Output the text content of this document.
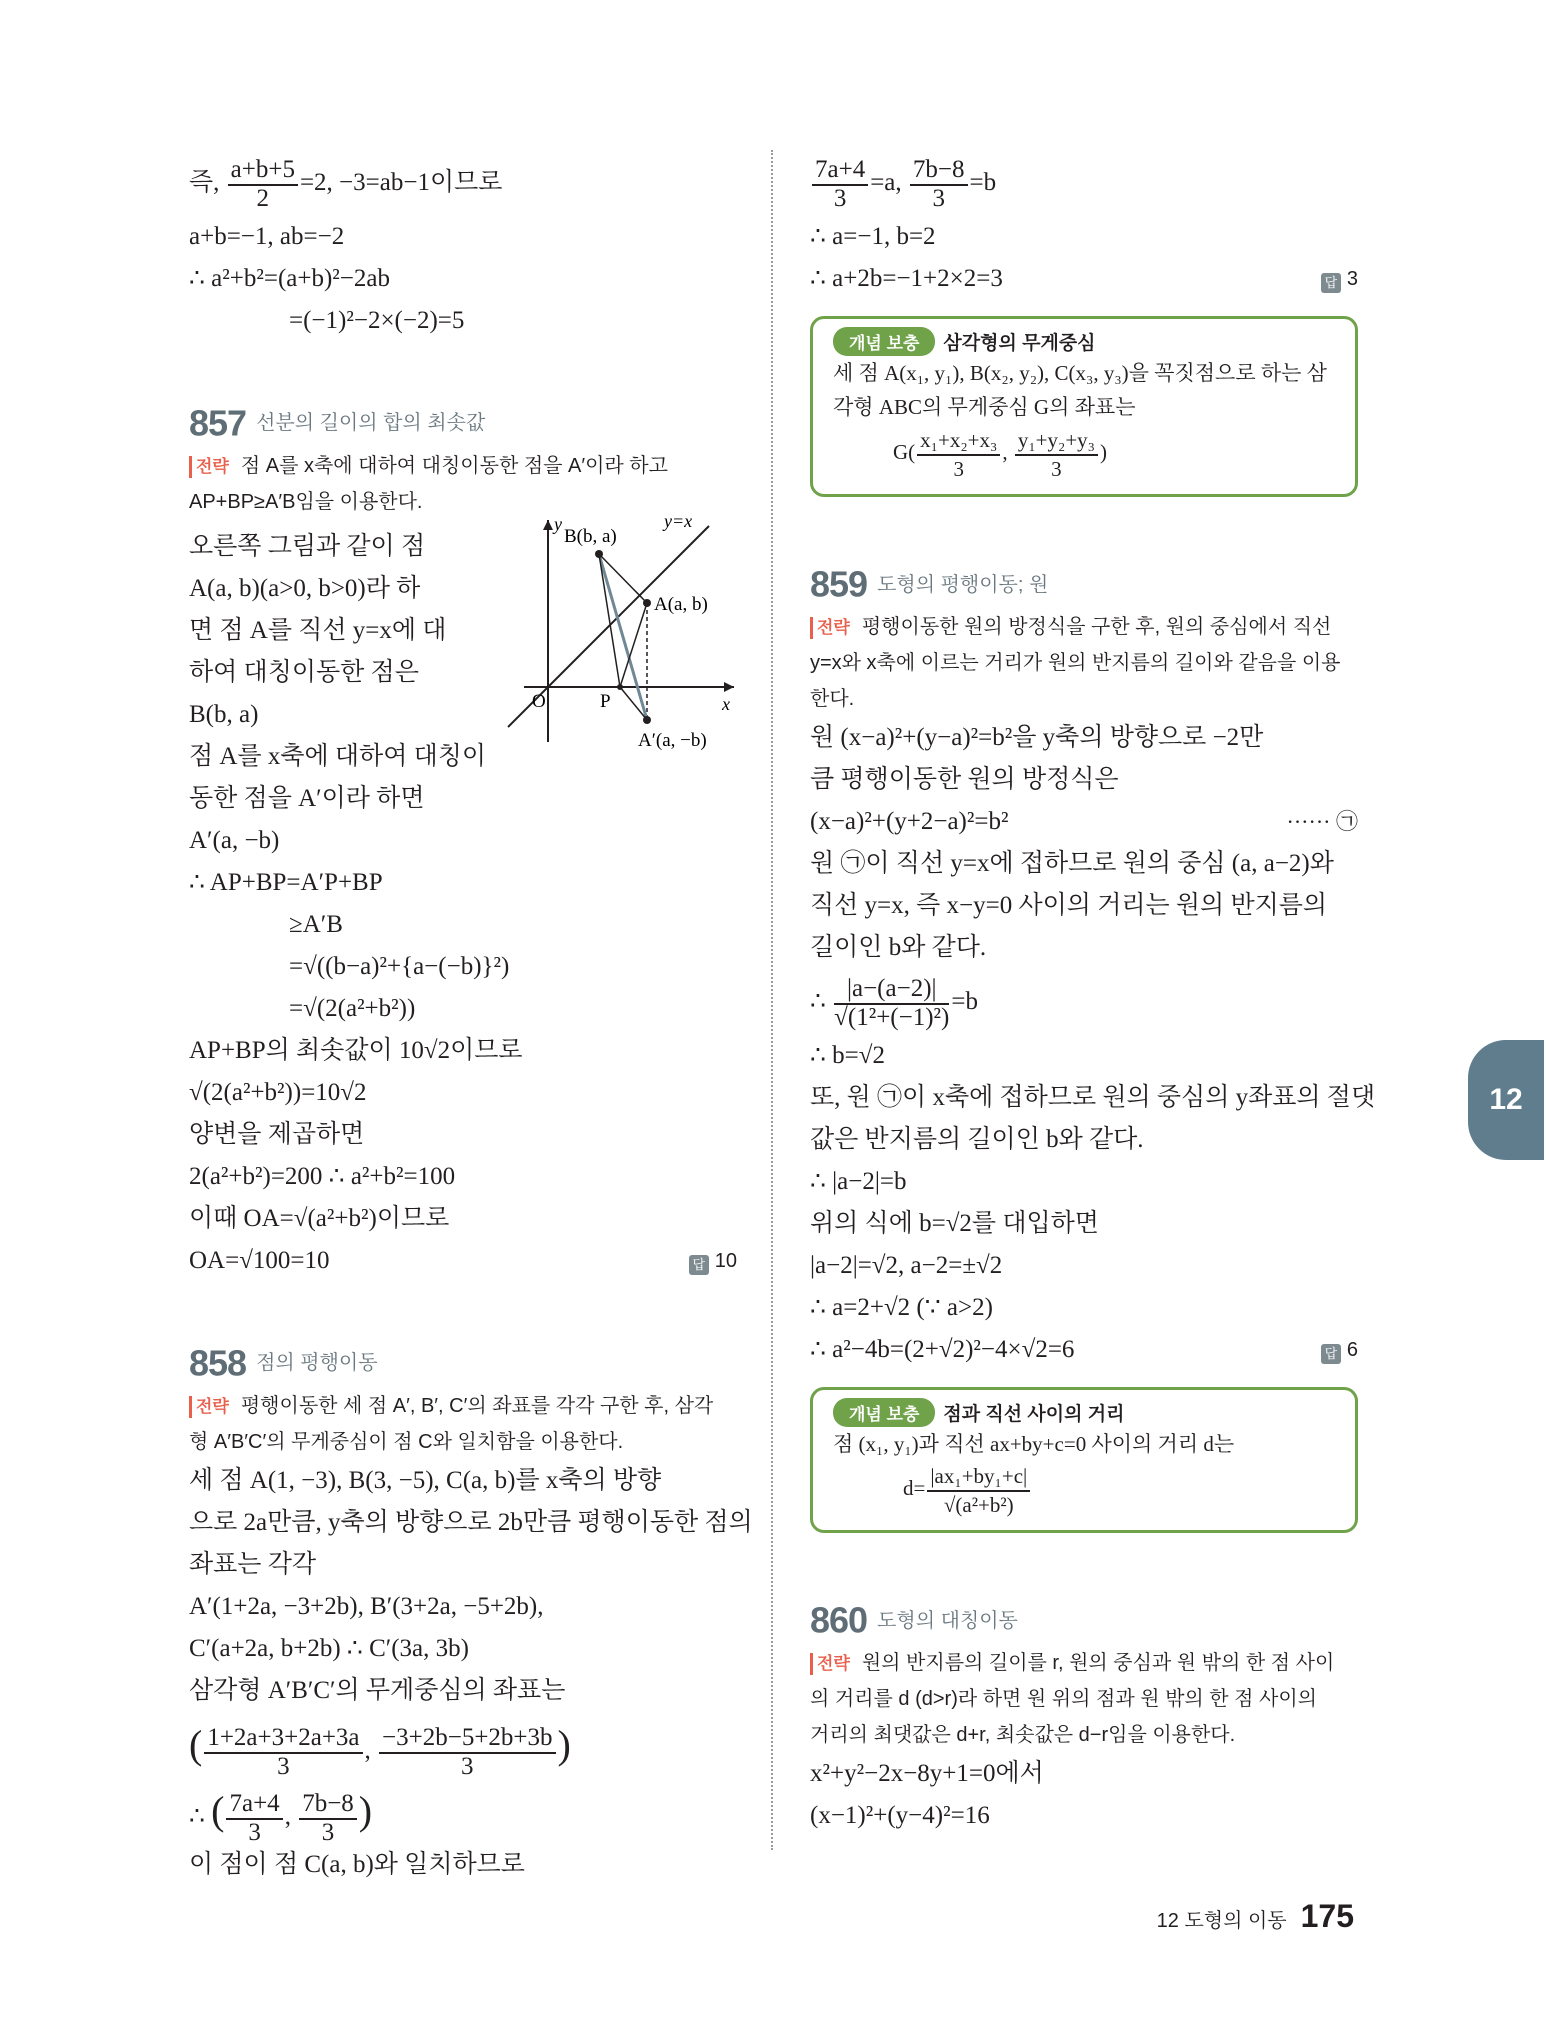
즉, $\frac{a+b+5}{2} =2$, −3=ab−1이므로
a+b=−1, ab=−2
∴ a²+b²=(a+b)²−2ab
=(−1)²−2×(−2)=5
857 선분의 길이의 합의 최솟값
전략 점 A를 x축에 대하여 대칭이동한 점을 A′이라 하고
AP+BP≥A′B임을 이용한다.
오른쪽 그림과 같이 점
A(a, b)(a>0, b>0)라 하
면 점 A를 직선 y=x에 대
하여 대칭이동한 점은
B(b, a)
점 A를 x축에 대하여 대칭이
동한 점을 A′이라 하면
A′(a, −b)
∴ AP+BP=A′P+BP
≥A′B
=√((b−a)²+{a−(−b)}²)
=√(2(a²+b²))
AP+BP의 최솟값이 10√2이므로
√(2(a²+b²))=10√2
양변을 제곱하면
2(a²+b²)=200 ∴ a²+b²=100
이때 OA=√(a²+b²)이므로
OA=√100=10	답 10
858 점의 평행이동
전략 평행이동한 세 점 A′, B′, C′의 좌표를 각각 구한 후, 삼각
형 A′B′C′의 무게중심이 점 C와 일치함을 이용한다.
세 점 A(1, −3), B(3, −5), C(a, b)를 x축의 방향
으로 2a만큼, y축의 방향으로 2b만큼 평행이동한 점의
좌표는 각각
A′(1+2a, −3+2b), B′(3+2a, −5+2b),
C′(a+2a, b+2b) ∴ C′(3a, 3b)
삼각형 A′B′C′의 무게중심의 좌표는
( $\frac{1+2a+3+2a+3a}{3}$ , $\frac{-3+2b-5+2b+3b}{3}$ )
∴ ( $\frac{7a+4}{3}$ , $\frac{7b-8}{3}$ )
이 점이 점 C(a, b)와 일치하므로
y
x
y=x
B(b, a)
A(a, b)
O	P
A′(a, −b)
$\frac{7a+4}{3} =a$, $\frac{7b-8}{3} =b$
∴ a=−1, b=2
∴ a+2b=−1+2×2=3	답 3
개념 보충 삼각형의 무게중심
세 점 A(x₁, y₁), B(x₂, y₂), C(x₃, y₃)을 꼭짓점으로 하는 삼
각형 ABC의 무게중심 G의 좌표는
$G( \frac{\text{x₁+x₂+x₃}}{3}$ , $\frac{\text{y₁+y₂+y₃}}{3}$ )
859 도형의 평행이동; 원
전략 평행이동한 원의 방정식을 구한 후, 원의 중심에서 직선
y=x와 x축에 이르는 거리가 원의 반지름의 길이와 같음을 이용
한다.
원 (x−a)²+(y−a)²=b²을 y축의 방향으로 −2만
큼 평행이동한 원의 방정식은
(x−a)²+(y+2−a)²=b²	······ ㉠
원 ㉠이 직선 y=x에 접하므로 원의 중심 (a, a−2)와
직선 y=x, 즉 x−y=0 사이의 거리는 원의 반지름의
길이인 b와 같다.
∴ $\frac{|a-(a-2)|}{\text{√(1²+(−1)²)}} =b$
∴ b=√2
또, 원 ㉠이 x축에 접하므로 원의 중심의 y좌표의 절댓
값은 반지름의 길이인 b와 같다.
∴ |a−2|=b
위의 식에 b=√2를 대입하면
|a−2|=√2, a−2=±√2
∴ a=2+√2 (∵ a>2)
∴ a²−4b=(2+√2)²−4×√2=6	답 6
개념 보충 점과 직선 사이의 거리
점 (x₁, y₁)과 직선 ax+by+c=0 사이의 거리 d는
$d= \frac{\text{|ax₁+by₁+c|}}{\text{√(a²+b²)}}$
860 도형의 대칭이동
전략 원의 반지름의 길이를 r, 원의 중심과 원 밖의 한 점 사이
의 거리를 d (d>r)라 하면 원 위의 점과 원 밖의 한 점 사이의
거리의 최댓값은 d+r, 최솟값은 d−r임을 이용한다.
x²+y²−2x−8y+1=0에서
(x−1)²+(y−4)²=16
12
12 도형의 이동 175
